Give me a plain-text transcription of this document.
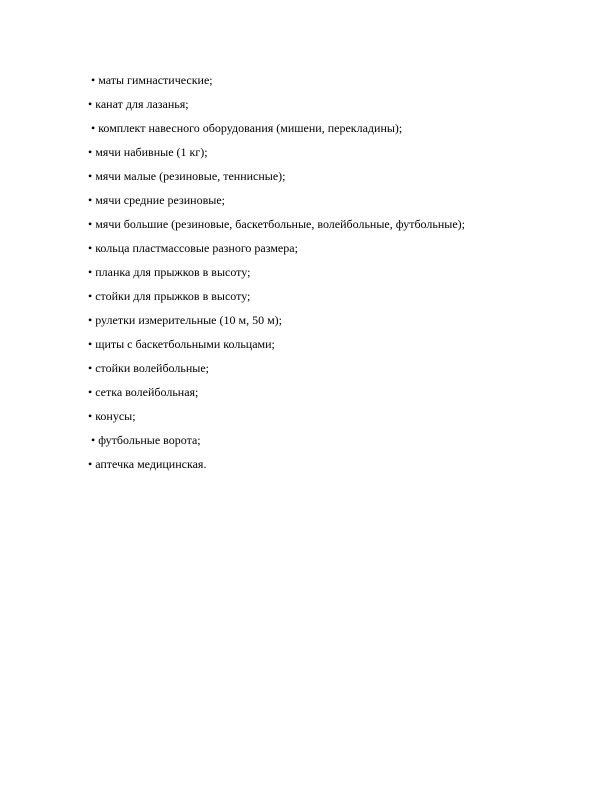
• маты гимнастические;
• канат для лазанья;
• комплект навесного оборудования (мишени, перекладины);
• мячи набивные (1 кг);
• мячи малые (резиновые, теннисные);
• мячи средние резиновые;
• мячи большие (резиновые, баскетбольные, волейбольные, футбольные);
• кольца пластмассовые разного размера;
• планка для прыжков в высоту;
• стойки для прыжков в высоту;
• рулетки измерительные (10 м, 50 м);
• щиты с баскетбольными кольцами;
• стойки волейбольные;
• сетка волейбольная;
• конусы;
• футбольные ворота;
• аптечка медицинская.
